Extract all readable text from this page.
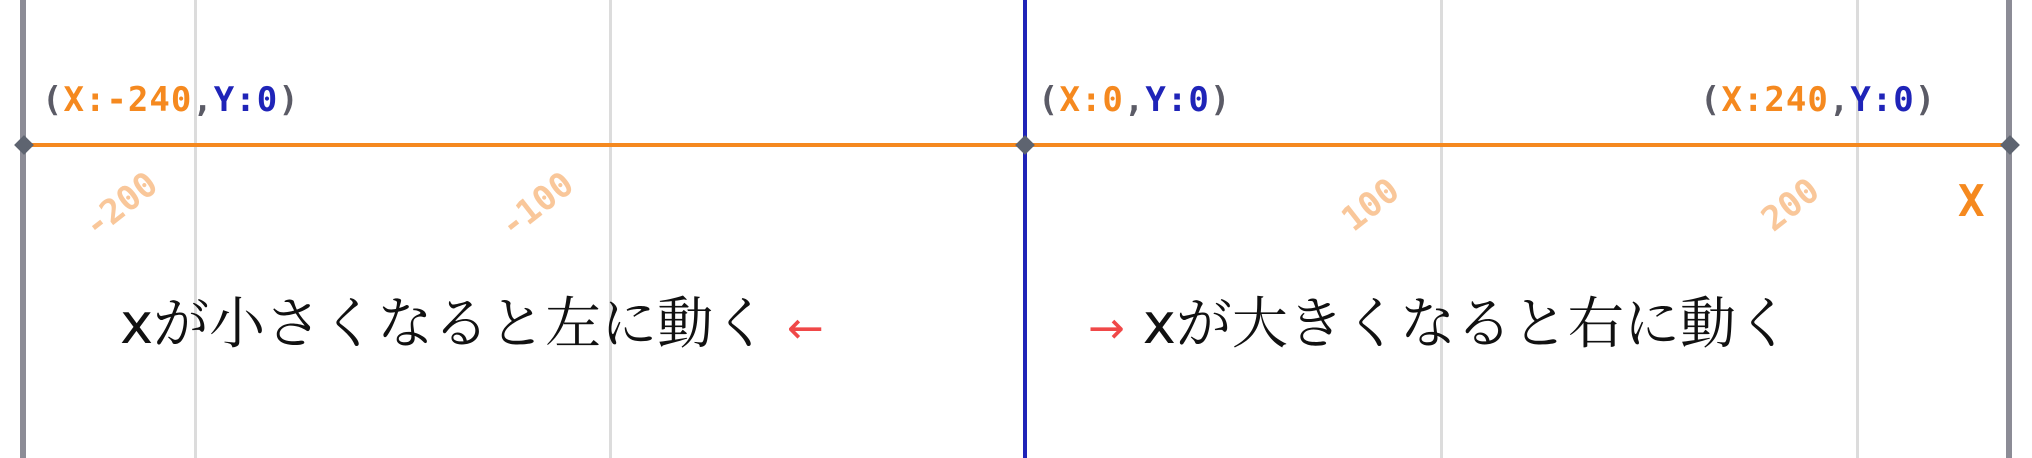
(X:-240,Y:0)	(X:0,Y:0)	(X:240,Y:0)
-200	-100	100	200	X
xが小さくなると左に動く ←	→ xが大きくなると右に動く
